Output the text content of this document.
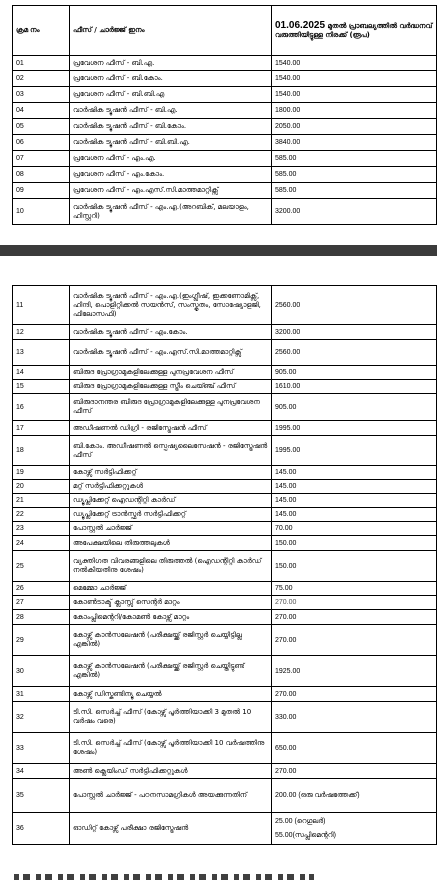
ക്രമ നം	ഫീസ് / ചാർജ്ജ് ഇനം	01.06.2025 മുതൽ പ്രാബല്യത്തിൽ വർദ്ധനവ് വരുത്തിയിട്ടുള്ള നിരക്ക് (രൂപ)
01	പ്രവേശന ഫീസ് - ബി.എ.	1540.00
02	പ്രവേശന ഫീസ് - ബി.കോം.	1540.00
03	പ്രവേശന ഫീസ് - ബി.ബി.എ	1540.00
04	വാർഷിക ട്യൂഷൻ ഫീസ് - ബി.എ.	1800.00
05	വാർഷിക ട്യൂഷൻ ഫീസ് - ബി.കോം.	2050.00
06	വാർഷിക ട്യൂഷൻ ഫീസ് - ബി.ബി.എ.	3840.00
07	പ്രവേശന ഫീസ് - എം.എ.	585.00
08	പ്രവേശന ഫീസ് - എം.കോം.	585.00
09	പ്രവേശന ഫീസ് - എം.എസ്.സി.മാത്തമാറ്റിക്സ്	585.00
10	വാർഷിക ട്യൂഷൻ ഫീസ് - എം.എ.(അറബിക്, മലയാളം, ഹിസ്റ്ററി)	3200.00
11	വാർഷിക ട്യൂഷൻ ഫീസ് - എം.എ.(ഇംഗ്ലീഷ്, ഇക്കണോമിക്സ്, ഹിന്ദി, പൊളിറ്റിക്കൽ സയൻസ്, സംസ്കൃതം, സോഷ്യോളജി, ഫിലോസഫി)	2560.00
12	വാർഷിക ട്യൂഷൻ ഫീസ് - എം.കോം.	3200.00
13	വാർഷിക ട്യൂഷൻ ഫീസ് - എം.എസ്.സി.മാത്തമാറ്റിക്സ്	2560.00
14	ബിരുദ പ്രോഗ്രാമുകളിലേക്കുള്ള പുനപ്രവേശന ഫീസ്	905.00
15	ബിരുദ പ്രോഗ്രാമുകളിലേക്കുള്ള സ്ട്രീം ചെയ്ഞ്ച് ഫീസ്	1610.00
16	ബിരുദാനന്തര ബിരുദ പ്രോഗ്രാമുകളിലേക്കുള്ള പുനപ്രവേശന ഫീസ്	905.00
17	അഡീഷണൽ ഡിഗ്രി - രജിസ്ട്രേഷൻ ഫീസ്	1995.00
18	ബി.കോം. അഡീഷണൽ സ്പെഷ്യലൈസേഷൻ - രജിസ്ട്രേഷൻ ഫീസ്	1995.00
19	കോഴ്സ് സർട്ടിഫിക്കറ്റ്	145.00
20	മറ്റ് സർട്ടിഫിക്കറ്റുകൾ	145.00
21	ഡ്യൂപ്ലിക്കേറ്റ് ഐഡന്റിറ്റി കാർഡ്	145.00
22	ഡ്യൂപ്ലിക്കേറ്റ് ട്രാൻസ്ഫർ സർട്ടിഫിക്കറ്റ്	145.00
23	പോസ്റ്റൽ ചാർജ്ജ്	70.00
24	അപേക്ഷയിലെ തിരുത്തലുകൾ	150.00
25	വ്യക്തിഗത വിവരങ്ങളിലെ തിരുത്തൽ (ഐഡന്റിറ്റി കാർഡ് നൽകിയതിനു ശേഷം)	150.00
26	മെമ്മോ ചാർജ്ജ്	75.00
27	കോൺടാക്ട് ക്ലാസ്സ് സെന്റർ മാറ്റം	270.00
28	കോംപ്ലിമെന്ററി/കോമൺ കോഴ്സ് മാറ്റം	270.00
29	കോഴ്സ് കാൻസലേഷൻ (പരീക്ഷയ്ക്ക് രജിസ്റ്റർ ചെയ്യിട്ടില്ല എങ്കിൽ)	270.00
30	കോഴ്സ് കാൻസലേഷൻ (പരീക്ഷയ്ക്ക് രജിസ്റ്റർ ചെയ്തിട്ടുണ്ട് എങ്കിൽ)	1925.00
31	കോഴ്സ് ഡിസ്കണ്ടിന്യൂ ചെയ്യൽ	270.00
32	ടി.സി. സെർച്ച് ഫീസ് (കോഴ്സ് പൂർത്തിയാക്കി 3 മുതൽ 10 വർഷം വരെ)	330.00
33	ടി.സി. സെർച്ച് ഫീസ് (കോഴ്സ് പൂർത്തിയാക്കി 10 വർഷത്തിനു ശേഷം)	650.00
34	അൺ ക്ലെയിംഡ് സർട്ടിഫിക്കറ്റുകൾ	270.00
35	പോസ്റ്റൽ ചാർജ്ജ് - പഠനസാമഗ്രികൾ അയക്കുന്നതിന്	200.00 (ഒരു വർഷത്തേക്ക്)
36	ഓഡിറ്റ് കോഴ്സ് പരീക്ഷാ രജിസ്ട്രേഷൻ	25.00 (റെഗുലർ)
55.00(സപ്ലിമെന്ററി)
